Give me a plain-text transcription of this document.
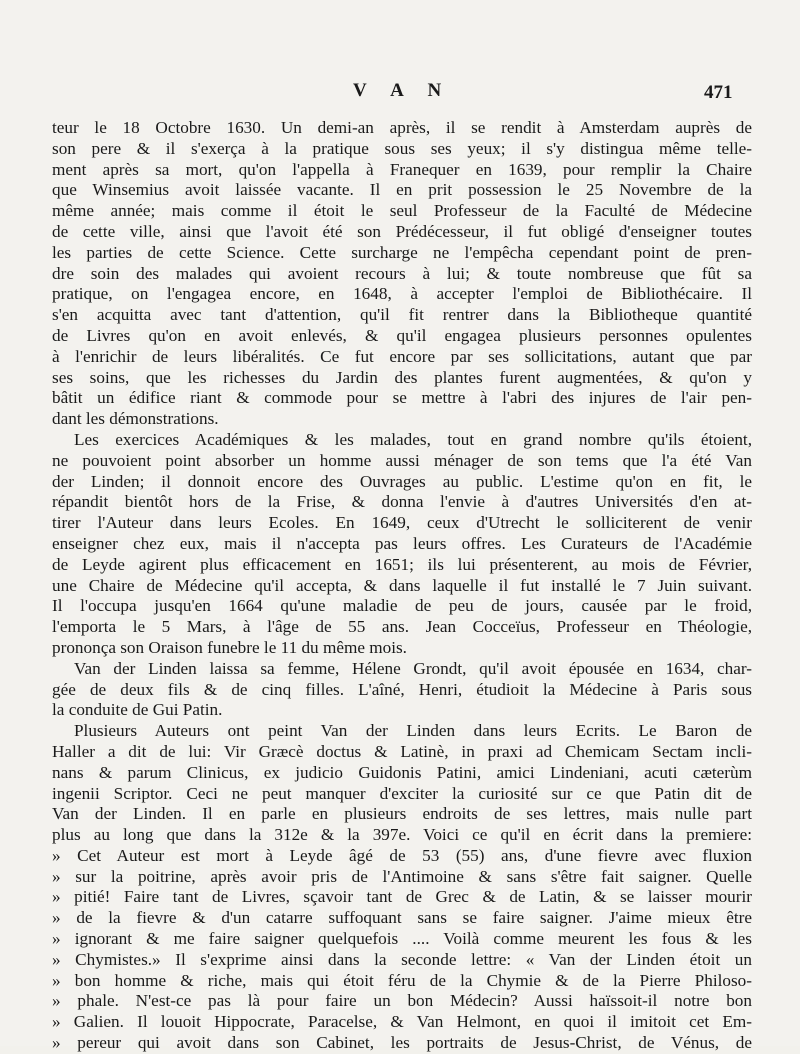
V A N	471
teur le 18 Octobre 1630. Un demi-an après, il se rendit à Amsterdam auprès de
son pere & il s'exerça à la pratique sous ses yeux; il s'y distingua même telle-
ment après sa mort, qu'on l'appella à Franequer en 1639, pour remplir la Chaire
que Winsemius avoit laissée vacante. Il en prit possession le 25 Novembre de la
même année; mais comme il étoit le seul Professeur de la Faculté de Médecine
de cette ville, ainsi que l'avoit été son Prédécesseur, il fut obligé d'enseigner toutes
les parties de cette Science. Cette surcharge ne l'empêcha cependant point de pren-
dre soin des malades qui avoient recours à lui; & toute nombreuse que fût sa
pratique, on l'engagea encore, en 1648, à accepter l'emploi de Bibliothécaire. Il
s'en acquitta avec tant d'attention, qu'il fit rentrer dans la Bibliotheque quantité
de Livres qu'on en avoit enlevés, & qu'il engagea plusieurs personnes opulentes
à l'enrichir de leurs libéralités. Ce fut encore par ses sollicitations, autant que par
ses soins, que les richesses du Jardin des plantes furent augmentées, & qu'on y
bâtit un édifice riant & commode pour se mettre à l'abri des injures de l'air pen-
dant les démonstrations.
Les exercices Académiques & les malades, tout en grand nombre qu'ils étoient,
ne pouvoient point absorber un homme aussi ménager de son tems que l'a été Van
der Linden; il donnoit encore des Ouvrages au public. L'estime qu'on en fit, le
répandit bientôt hors de la Frise, & donna l'envie à d'autres Universités d'en at-
tirer l'Auteur dans leurs Ecoles. En 1649, ceux d'Utrecht le solliciterent de venir
enseigner chez eux, mais il n'accepta pas leurs offres. Les Curateurs de l'Académie
de Leyde agirent plus efficacement en 1651; ils lui présenterent, au mois de Février,
une Chaire de Médecine qu'il accepta, & dans laquelle il fut installé le 7 Juin suivant.
Il l'occupa jusqu'en 1664 qu'une maladie de peu de jours, causée par le froid,
l'emporta le 5 Mars, à l'âge de 55 ans. Jean Cocceïus, Professeur en Théologie,
prononça son Oraison funebre le 11 du même mois.
Van der Linden laissa sa femme, Hélene Grondt, qu'il avoit épousée en 1634, char-
gée de deux fils & de cinq filles. L'aîné, Henri, étudioit la Médecine à Paris sous
la conduite de Gui Patin.
Plusieurs Auteurs ont peint Van der Linden dans leurs Ecrits. Le Baron de
Haller a dit de lui: Vir Græcè doctus & Latinè, in praxi ad Chemicam Sectam incli-
nans & parum Clinicus, ex judicio Guidonis Patini, amici Lindeniani, acuti cæterùm
ingenii Scriptor. Ceci ne peut manquer d'exciter la curiosité sur ce que Patin dit de
Van der Linden. Il en parle en plusieurs endroits de ses lettres, mais nulle part
plus au long que dans la 312e & la 397e. Voici ce qu'il en écrit dans la premiere:
» Cet Auteur est mort à Leyde âgé de 53 (55) ans, d'une fievre avec fluxion
» sur la poitrine, après avoir pris de l'Antimoine & sans s'être fait saigner. Quelle
» pitié! Faire tant de Livres, sçavoir tant de Grec & de Latin, & se laisser mourir
» de la fievre & d'un catarre suffoquant sans se faire saigner. J'aime mieux être
» ignorant & me faire saigner quelquefois .... Voilà comme meurent les fous & les
» Chymistes.» Il s'exprime ainsi dans la seconde lettre: « Van der Linden étoit un
» bon homme & riche, mais qui étoit féru de la Chymie & de la Pierre Philoso-
» phale. N'est-ce pas là pour faire un bon Médecin? Aussi haïssoit-il notre bon
» Galien. Il louoit Hippocrate, Paracelse, & Van Helmont, en quoi il imitoit cet Em-
» pereur qui avoit dans son Cabinet, les portraits de Jesus-Christ, de Vénus, de
